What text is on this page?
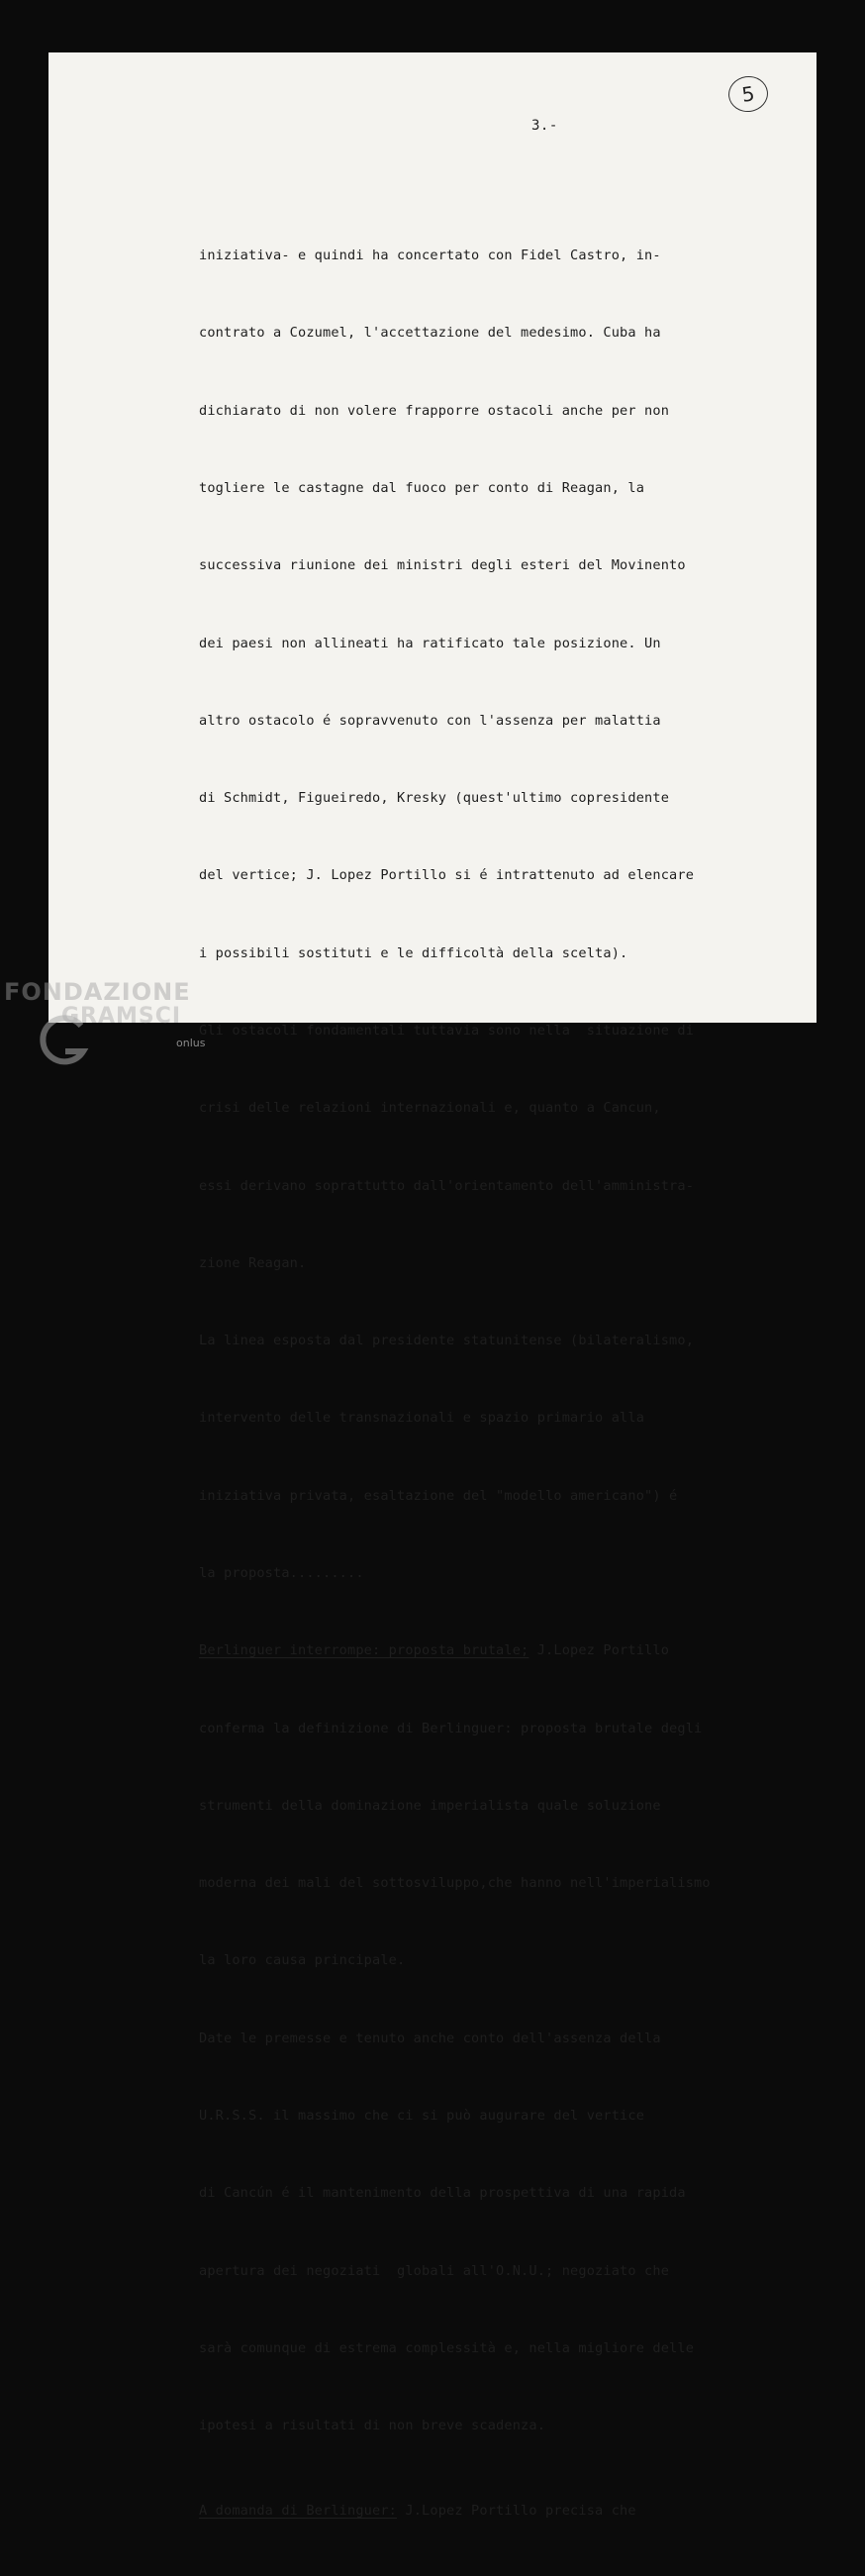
5
3.-

iniziativa- e quindi ha concertato con Fidel Castro, in-

contrato a Cozumel, l'accettazione del medesimo. Cuba ha

dichiarato di non volere frapporre ostacoli anche per non

togliere le castagne dal fuoco per conto di Reagan, la

successiva riunione dei ministri degli esteri del Movinento

dei paesi non allineati ha ratificato tale posizione. Un

altro ostacolo é sopravvenuto con l'assenza per malattia

di Schmidt, Figueiredo, Kresky (quest'ultimo copresidente

del vertice; J. Lopez Portillo si é intrattenuto ad elencare

i possibili sostituti e le difficoltà della scelta).

Gli ostacoli fondamentali tuttavia sono nella  situazione di

crisi delle relazioni internazionali e, quanto a Cancun,

essi derivano soprattutto dall'orientamento dell'amministra-

zione Reagan.

La linea esposta dal presidente statunitense (bilateralismo,

intervento delle transnazionali e spazio primario alla

iniziativa privata, esaltazione del "modello americano") é

la proposta.........

Berlinguer interrompe: proposta brutale; J.Lopez Portillo

conferma la definizione di Berlinguer: proposta brutale degli

strumenti della dominazione imperialista quale soluzione

moderna dei mali del sottosviluppo,che hanno nell'imperialismo

la loro causa principale.

Date le premesse e tenuto anche conto dell'assenza della

U.R.S.S. il massimo che ci si può augurare del vertice

di Cancún é il mantenimento della prospettiva di una rapida

apertura dei negoziati  globali all'O.N.U.; negoziato che

sarà comunque di estrema complessità e, nella migliore delle

ipotesi a risultati di non breve scadenza.

A domanda di Berlinguer: J.Lopez Portillo precisa che

FONDAZIONE
GRAMSCI
onlus
